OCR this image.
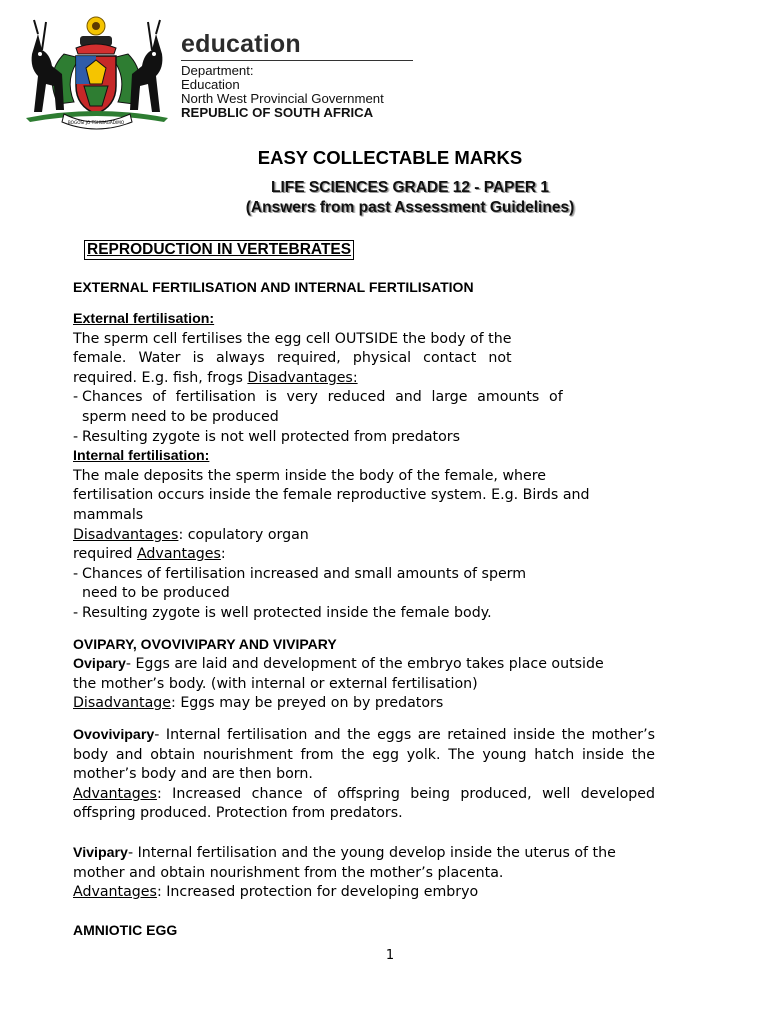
BOGOSI JO TSHWAGADIMO
education
Department:
Education
North West Provincial Government
REPUBLIC OF SOUTH AFRICA
EASY COLLECTABLE MARKS
LIFE SCIENCES GRADE 12 - PAPER 1
(Answers from past Assessment Guidelines)
REPRODUCTION IN VERTEBRATES
EXTERNAL FERTILISATION AND INTERNAL FERTILISATION

External fertilisation:

The sperm cell fertilises the egg cell OUTSIDE the body of the

female. Water is always required, physical contact not

required. E.g. fish, frogs Disadvantages:

- Chances of fertilisation is very reduced and large amounts of

sperm need to be produced

- Resulting zygote is not well protected from predators

Internal fertilisation:

The male deposits the sperm inside the body of the female, where

fertilisation occurs inside the female reproductive system. E.g. Birds and

mammals

Disadvantages: copulatory organ

required Advantages:

- Chances of fertilisation increased and small amounts of sperm

need to be produced

- Resulting zygote is well protected inside the female body.

OVIPARY, OVOVIVIPARY AND VIVIPARY

Ovipary- Eggs are laid and development of the embryo takes place outside

the mother’s body. (with internal or external fertilisation)

Disadvantage: Eggs may be preyed on by predators

Ovovivipary- Internal fertilisation and the eggs are retained inside the mother’s body and obtain nourishment from the egg yolk. The young hatch inside the mother’s body and are then born.

Advantages: Increased chance of offspring being produced, well developed offspring produced. Protection from predators.

Vivipary- Internal fertilisation and the young develop inside the uterus of the mother and obtain nourishment from the mother’s placenta.

Advantages: Increased protection for developing embryo

AMNIOTIC EGG
1
